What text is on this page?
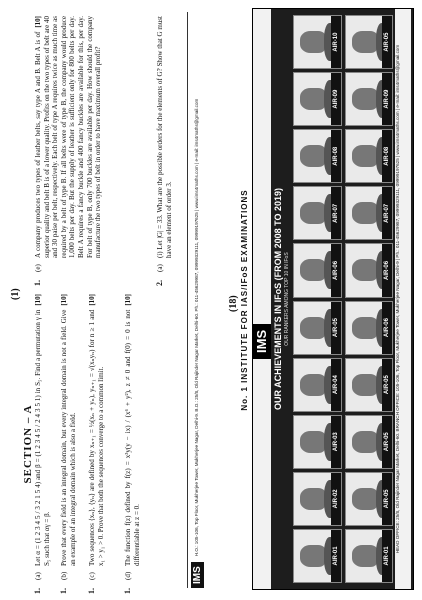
(1)
SECTION – A
1.
(a)
[10]
Let α = (1 2 3 4 5 / 3 2 1 5 4) and β = (1 2 3 4 5 / 2 4 3 5 1) in S₅. Find a permutation γ in S₅ such that αγ = β.
1.
(b)
[10]
Prove that every field is an integral domain, but every integral domain is not a field. Give an example of an integral domain which is also a field.
1.
(c)
[10]
Two sequences ⟨xₙ⟩, ⟨yₙ⟩ are defined by xₙ₊₁ = ½(xₙ + yₙ), yₙ₊₁ = √(xₙyₙ) for n ≥ 1 and x₁ > y₁ > 0. Prove that both the sequences converge to a common limit.
1.
(d)
[10]
The function f(z) defined by f(z) = x³y(y − ix) / (x⁶ + y²), z ≠ 0 and f(0) = 0 is not differentiable at z = 0.
1.
(e)
[10]
A company produces two types of leather belts, say type A and B. Belt A is of superior quality and belt B is of a lower quality. Profits on the two types of belt are 40 and 30 paise per belt, respectively. Each belt of type A requires twice as much time as required by a belt of type B. If all belts were of type B, the company would produce 1,000 belts per day. But the supply of leather is sufficient only for 800 belts per day. Belt A requires a fancy buckle and 400 fancy buckles are available for this, per day. For belt of type B, only 700 buckles are available per day. How should the company manufacture the two types of belt in order to have maximum overall profit?
2.
(a)
(i) Let |G| = 33. What are the possible orders for the elements of G? Show that G must have an element of order 3.
IMS
H.O.: 105-106, Top Floor, Mukherjee Tower, Mukherjee Nagar, Delhi-9. B.O.: 25/8, Old Rajinder Nagar Market, Delhi-60. Ph.: 011-45629987, 09999329111, 09999197625 | www.ims4maths.com | e-mail: ims4maths@gmail.com	(18) No. 1 INSTITUTE FOR IAS/IFoS EXAMINATIONS IMS OUR ACHIEVEMENTS IN IFoS (FROM 2008 TO 2019) OUR RANKERS AMONG TOP 10 IN IFoS
AIR-01
AIR-02
AIR-03
AIR-04
AIR-05
AIR-06
AIR-07
AIR-08
AIR-09
AIR-10
AIR-01
AIR-05
AIR-05
AIR-05
AIR-06
AIR-06
AIR-07
AIR-08
AIR-09
AIR-05
HEAD OFFICE: 25/8, Old Rajinder Nagar Market, Delhi-60. BRANCH OFFICE: 105-106, Top Floor, Mukherjee Tower, Mukherjee Nagar, Delhi-9 | Ph.: 011-45629987, 09999329111, 09999197625 | www.ims4maths.com | e-mail: ims4maths@gmail.com
